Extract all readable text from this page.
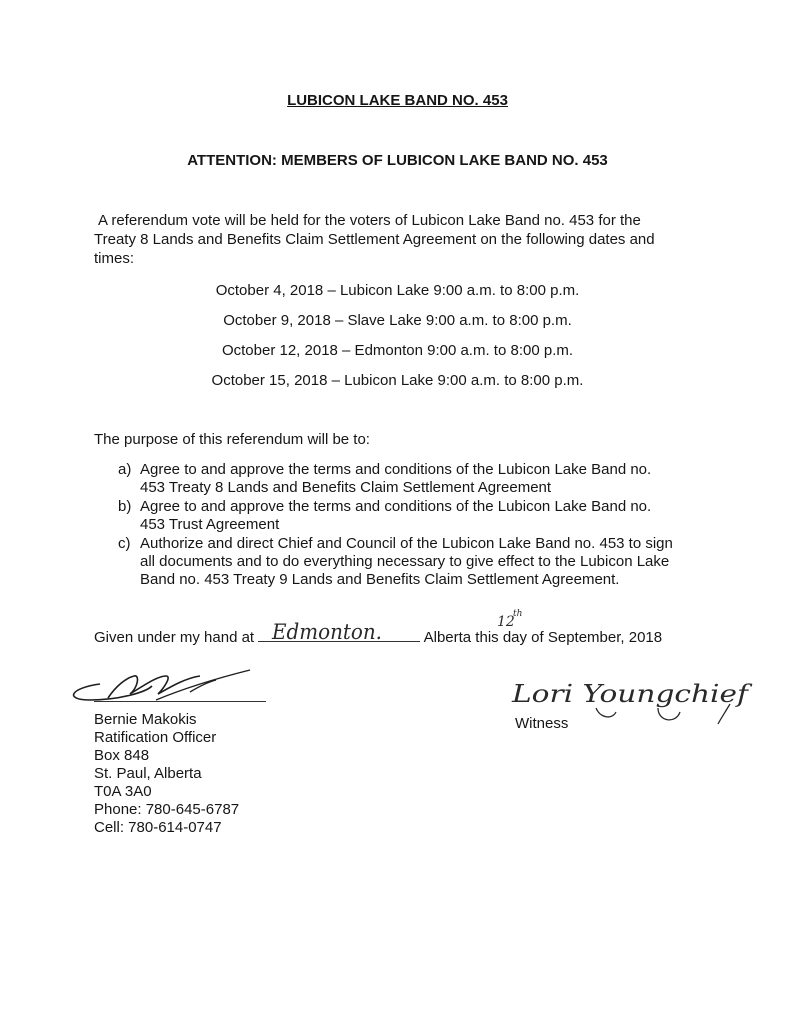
LUBICON LAKE BAND NO. 453
ATTENTION: MEMBERS OF LUBICON LAKE BAND NO. 453
A referendum vote will be held for the voters of Lubicon Lake Band no. 453 for the
Treaty 8 Lands and Benefits Claim Settlement Agreement on the following dates and
times:
October 4, 2018 – Lubicon Lake 9:00 a.m. to 8:00 p.m.
October 9, 2018 – Slave Lake 9:00 a.m. to 8:00 p.m.
October 12, 2018 – Edmonton 9:00 a.m. to 8:00 p.m.
October 15, 2018 – Lubicon Lake 9:00 a.m. to 8:00 p.m.
The purpose of this referendum will be to:
a) Agree to and approve the terms and conditions of the Lubicon Lake Band no.
453 Treaty 8 Lands and Benefits Claim Settlement Agreement
b) Agree to and approve the terms and conditions of the Lubicon Lake Band no.
453 Trust Agreement
c) Authorize and direct Chief and Council of the Lubicon Lake Band no. 453 to sign
all documents and to do everything necessary to give effect to the Lubicon Lake
Band no. 453 Treaty 9 Lands and Benefits Claim Settlement Agreement.
Given under my hand at	Alberta this day of September, 2018
Edmonton.	12
th
Bernie Makokis
Ratification Officer
Box 848
St. Paul, Alberta
T0A 3A0
Phone: 780-645-6787
Cell: 780-614-0747
Lori Youngchief
Witness
